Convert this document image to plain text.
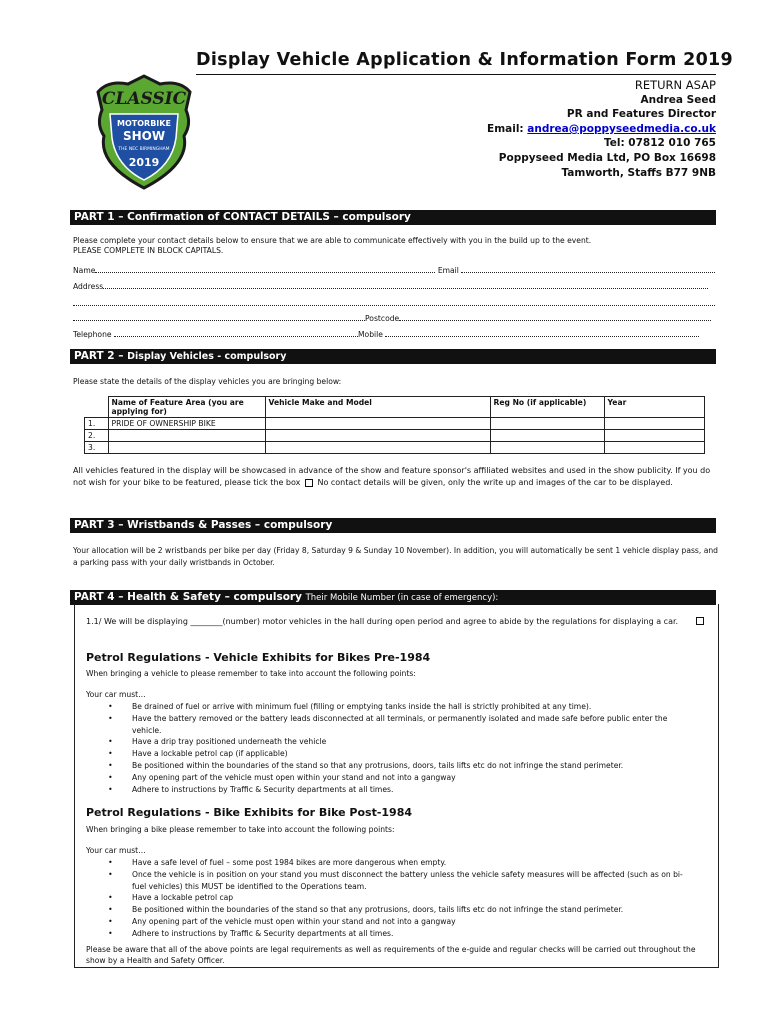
CLASSIC
MOTORBIKE
SHOW
THE NEC BIRMINGHAM
2019
Display Vehicle Application & Information Form 2019
RETURN ASAP
Andrea Seed
PR and Features Director
Email: andrea@poppyseedmedia.co.uk
Tel: 07812 010 765
Poppyseed Media Ltd, PO Box 16698
Tamworth, Staffs B77 9NB
PART 1 – Confirmation of CONTACT DETAILS – compulsory
Please complete your contact details below to ensure that we are able to communicate effectively with you in the build up to the event.
PLEASE COMPLETE IN BLOCK CAPITALS.
Name	Email
Address
Postcode
Telephone	Mobile
PART 2 – Display Vehicles - compulsory
Please state the details of the display vehicles you are bringing below:
	Name of Feature Area (you are applying for)	Vehicle Make and Model	Reg No (if applicable)	Year
1.	PRIDE OF OWNERSHIP BIKE			
2.				
3.				
All vehicles featured in the display will be showcased in advance of the show and feature sponsor's affiliated websites and used in the show publicity. If you do not wish for your bike to be featured, please tick the box No contact details will be given, only the write up and images of the car to be displayed.
PART 3 – Wristbands & Passes – compulsory
Your allocation will be 2 wristbands per bike per day (Friday 8, Saturday 9 & Sunday 10 November). In addition, you will automatically be sent 1 vehicle display pass, and a parking pass with your daily wristbands in October.
PART 4 – Health & Safety – compulsory Their Mobile Number (in case of emergency):
1.1/ We will be displaying ________(number) motor vehicles in the hall during open period and agree to abide by the regulations for displaying a car.
Petrol Regulations - Vehicle Exhibits for Bikes Pre-1984
When bringing a vehicle to please remember to take into account the following points:
Your car must…
• Be drained of fuel or arrive with minimum fuel (filling or emptying tanks inside the hall is strictly prohibited at any time).
• Have the battery removed or the battery leads disconnected at all terminals, or permanently isolated and made safe before public enter the vehicle.
• Have a drip tray positioned underneath the vehicle
• Have a lockable petrol cap (if applicable)
• Be positioned within the boundaries of the stand so that any protrusions, doors, tails lifts etc do not infringe the stand perimeter.
• Any opening part of the vehicle must open within your stand and not into a gangway
• Adhere to instructions by Traffic & Security departments at all times.
Petrol Regulations - Bike Exhibits for Bike Post-1984
When bringing a bike please remember to take into account the following points:
Your car must…
• Have a safe level of fuel – some post 1984 bikes are more dangerous when empty.
• Once the vehicle is in position on your stand you must disconnect the battery unless the vehicle safety measures will be affected (such as on bi-fuel vehicles) this MUST be identified to the Operations team.
• Have a lockable petrol cap
• Be positioned within the boundaries of the stand so that any protrusions, doors, tails lifts etc do not infringe the stand perimeter.
• Any opening part of the vehicle must open within your stand and not into a gangway
• Adhere to instructions by Traffic & Security departments at all times.
Please be aware that all of the above points are legal requirements as well as requirements of the e-guide and regular checks will be carried out throughout the show by a Health and Safety Officer.
